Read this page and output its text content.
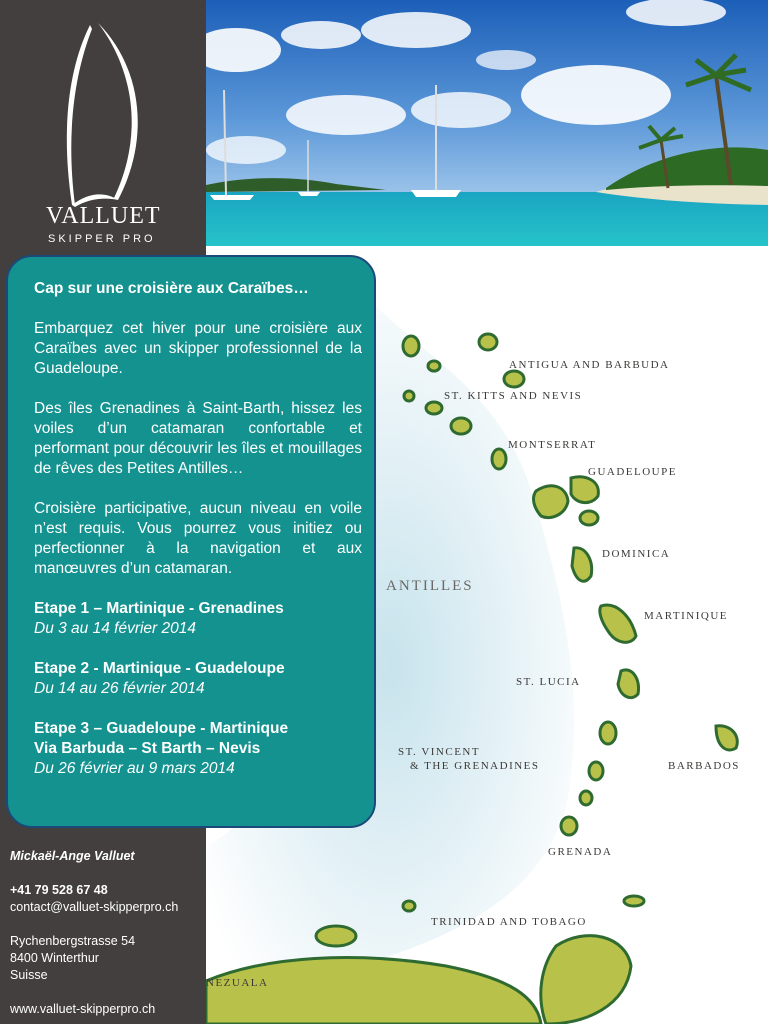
VALLUET
SKIPPER PRO
ANTIGUA AND BARBUDA
ST. KITTS AND NEVIS
MONTSERRAT
GUADELOUPE
ANTILLES
DOMINICA
MARTINIQUE
ST. LUCIA
ST. VINCENT
& THE GRENADINES	BARBADOS
GRENADA
TRINIDAD AND TOBAGO
NEZUALA

Cap sur une croisière aux Caraïbes…

Embarquez cet hiver pour une croisière aux Caraïbes avec un skipper professionnel de la Guadeloupe.

Des îles Grenadines à Saint-Barth, hissez les voiles d’un catamaran confortable et performant pour découvrir les îles et mouillages de rêves des Petites Antilles…

Croisière participative, aucun niveau en voile n’est requis. Vous pourrez vous initiez ou perfectionner à la navigation et aux manœuvres d’un catamaran.

Etape 1 – Martinique - Grenadines
Du 3 au 14 février 2014
Etape 2 - Martinique - Guadeloupe
Du 14 au 26 février 2014
Etape 3 – Guadeloupe - Martinique
Via Barbuda – St Barth – Nevis
Du 26 février au 9 mars 2014
Mickaël-Ange Valluet
+41 79 528 67 48
contact@valluet-skipperpro.ch
Rychenbergstrasse 54
8400 Winterthur
Suisse
www.valluet-skipperpro.ch
